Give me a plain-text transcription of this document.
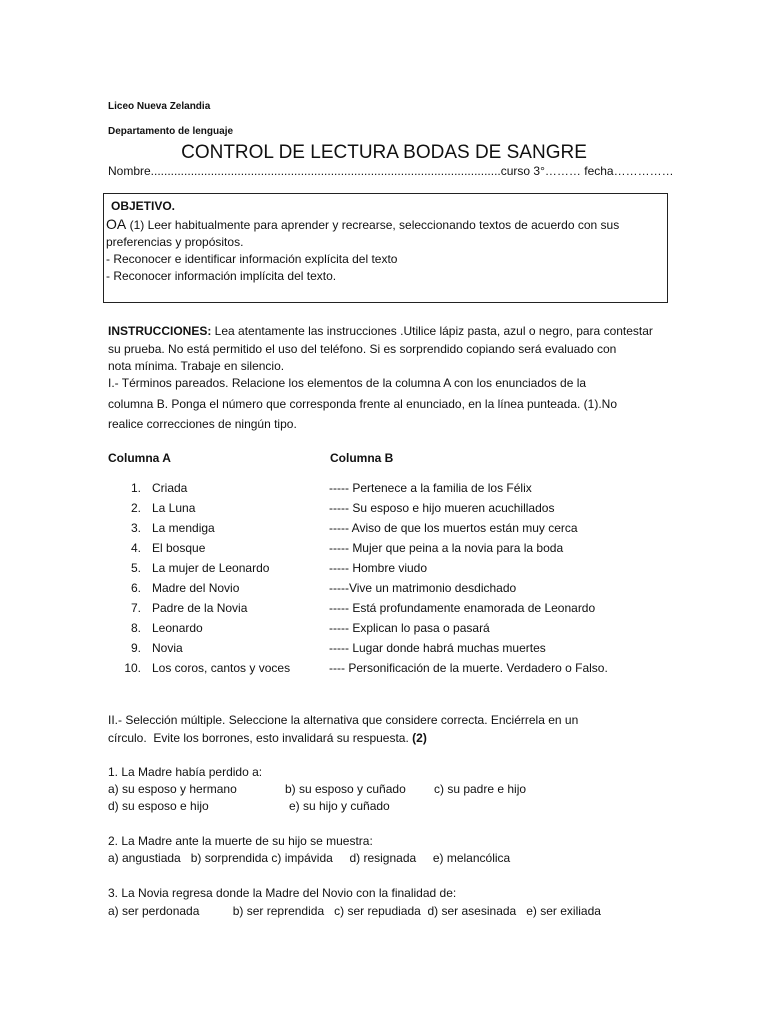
Liceo Nueva Zelandia
Departamento de lenguaje
CONTROL DE LECTURA BODAS DE SANGRE
Nombre.........................................................................................................curso 3°……… fecha……………
OBJETIVO.
OA (1) Leer habitualmente para aprender y recrearse, seleccionando textos de acuerdo con sus
preferencias y propósitos.
- Reconocer e identificar información explícita del texto
- Reconocer información implícita del texto.
INSTRUCCIONES: Lea atentamente las instrucciones .Utilice lápiz pasta, azul o negro, para contestar
su prueba. No está permitido el uso del teléfono. Si es sorprendido copiando será evaluado con
nota mínima. Trabaje en silencio.
I.- Términos pareados. Relacione los elementos de la columna A con los enunciados de la
columna B. Ponga el número que corresponda frente al enunciado, en la línea punteada. (1).No
realice correcciones de ningún tipo.
Columna A	Columna B
1. Criada	----- Pertenece a la familia de los Félix
2. La Luna	----- Su esposo e hijo mueren acuchillados
3. La mendiga	----- Aviso de que los muertos están muy cerca
4. El bosque	----- Mujer que peina a la novia para la boda
5. La mujer de Leonardo	----- Hombre viudo
6. Madre del Novio	-----Vive un matrimonio desdichado
7. Padre de la Novia	----- Está profundamente enamorada de Leonardo
8. Leonardo	----- Explican lo pasa o pasará
9. Novia	----- Lugar donde habrá muchas muertes
10. Los coros, cantos y voces	---- Personificación de la muerte. Verdadero o Falso.
II.- Selección múltiple. Seleccione la alternativa que considere correcta. Enciérrela en un
círculo.  Evite los borrones, esto invalidará su respuesta. (2)
1. La Madre había perdido a:
a) su esposo y hermano	b) su esposo y cuñado c) su padre e hijo
d) su esposo e hijo	e) su hijo y cuñado
2. La Madre ante la muerte de su hijo se muestra:
a) angustiada   b) sorprendida c) impávida     d) resignada     e) melancólica
3. La Novia regresa donde la Madre del Novio con la finalidad de:
a) ser perdonada          b) ser reprendida   c) ser repudiada  d) ser asesinada   e) ser exiliada
